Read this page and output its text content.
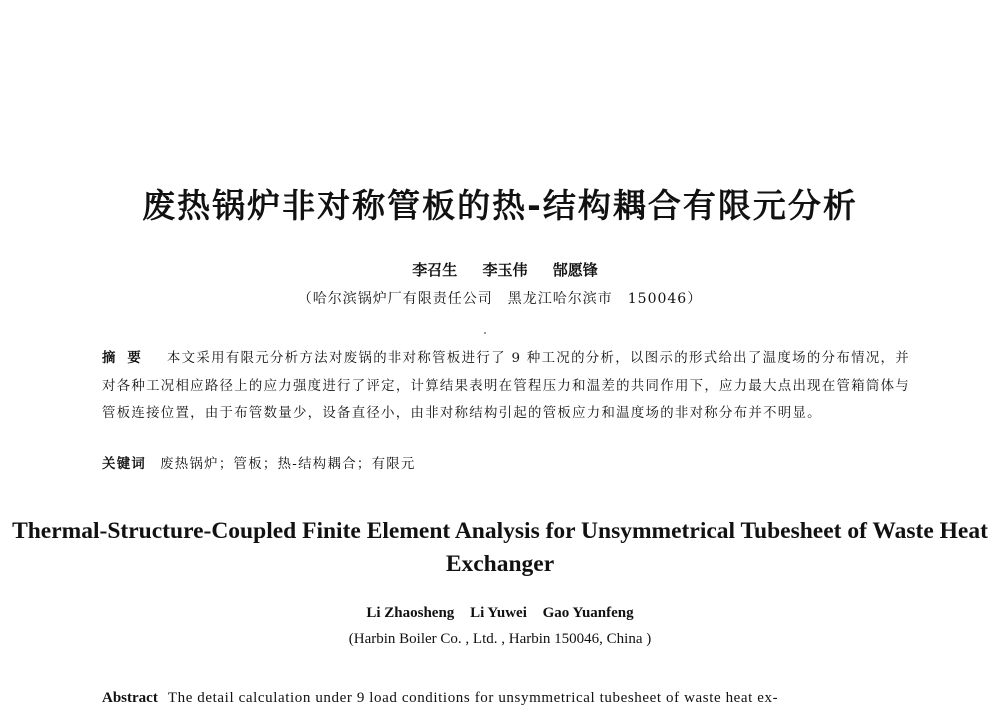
废热锅炉非对称管板的热-结构耦合有限元分析
李召生 李玉伟 郜愿锋
（哈尔滨锅炉厂有限责任公司　黑龙江哈尔滨市　150046）
摘要 本文采用有限元分析方法对废锅的非对称管板进行了 9 种工况的分析，以图示的形式给出了温度场的分布情况，并对各种工况相应路径上的应力强度进行了评定，计算结果表明在管程压力和温差的共同作用下，应力最大点出现在管箱筒体与管板连接位置，由于布管数量少，设备直径小，由非对称结构引起的管板应力和温度场的非对称分布并不明显。
关键词 废热锅炉；管板；热-结构耦合；有限元
Thermal-Structure-Coupled Finite Element Analysis for Unsymmetrical Tubesheet of Waste Heat Exchanger
Li Zhaosheng Li Yuwei Gao Yuanfeng
(Harbin Boiler Co. , Ltd. , Harbin 150046, China )
Abstract The detail calculation under 9 load conditions for unsymmetrical tubesheet of waste heat ex-
